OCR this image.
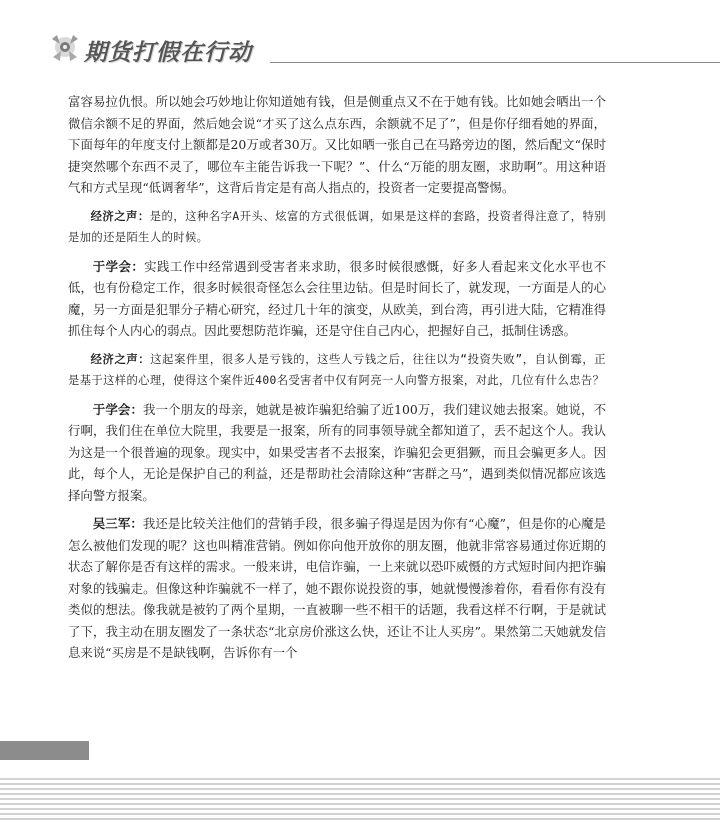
期货打假在行动

富容易拉仇恨。所以她会巧妙地让你知道她有钱，但是侧重点又不在于她有钱。比如她会晒出一个微信余额不足的界面，然后她会说“才买了这么点东西，余额就不足了”，但是你仔细看她的界面，下面每年的年度支付上额都是20万或者30万。又比如晒一张自己在马路旁边的图，然后配文“保时捷突然哪个东西不灵了，哪位车主能告诉我一下呢？”、什么“万能的朋友圈，求助啊”。用这种语气和方式呈现“低调奢华”，这背后肯定是有高人指点的，投资者一定要提高警惕。

经济之声：是的，这种名字A开头、炫富的方式很低调，如果是这样的套路，投资者得注意了，特别是加的还是陌生人的时候。

于学会：实践工作中经常遇到受害者来求助，很多时候很感慨，好多人看起来文化水平也不低，也有份稳定工作，很多时候很奇怪怎么会往里边钻。但是时间长了，就发现，一方面是人的心魔，另一方面是犯罪分子精心研究，经过几十年的演变，从欧美，到台湾，再引进大陆，它精准得抓住每个人内心的弱点。因此要想防范诈骗，还是守住自己内心，把握好自己，抵制住诱惑。

经济之声：这起案件里，很多人是亏钱的，这些人亏钱之后，往往以为“投资失败”，自认倒霉，正是基于这样的心理，使得这个案件近400名受害者中仅有阿亮一人向警方报案，对此，几位有什么忠告？

于学会：我一个朋友的母亲，她就是被诈骗犯给骗了近100万，我们建议她去报案。她说，不行啊，我们住在单位大院里，我要是一报案，所有的同事领导就全都知道了，丢不起这个人。我认为这是一个很普遍的现象。现实中，如果受害者不去报案，诈骗犯会更猖獗，而且会骗更多人。因此，每个人，无论是保护自己的利益，还是帮助社会清除这种“害群之马”，遇到类似情况都应该选择向警方报案。

吴三军：我还是比较关注他们的营销手段，很多骗子得逞是因为你有“心魔”，但是你的心魔是怎么被他们发现的呢？这也叫精准营销。例如你向他开放你的朋友圈，他就非常容易通过你近期的状态了解你是否有这样的需求。一般来讲，电信诈骗，一上来就以恐吓威慑的方式短时间内把诈骗对象的钱骗走。但像这种诈骗就不一样了，她不跟你说投资的事，她就慢慢渗着你，看看你有没有类似的想法。像我就是被钓了两个星期，一直被聊一些不相干的话题，我看这样不行啊，于是就试了下，我主动在朋友圈发了一条状态“北京房价涨这么快，还让不让人买房”。果然第二天她就发信息来说“买房是不是缺钱啊，告诉你有一个
